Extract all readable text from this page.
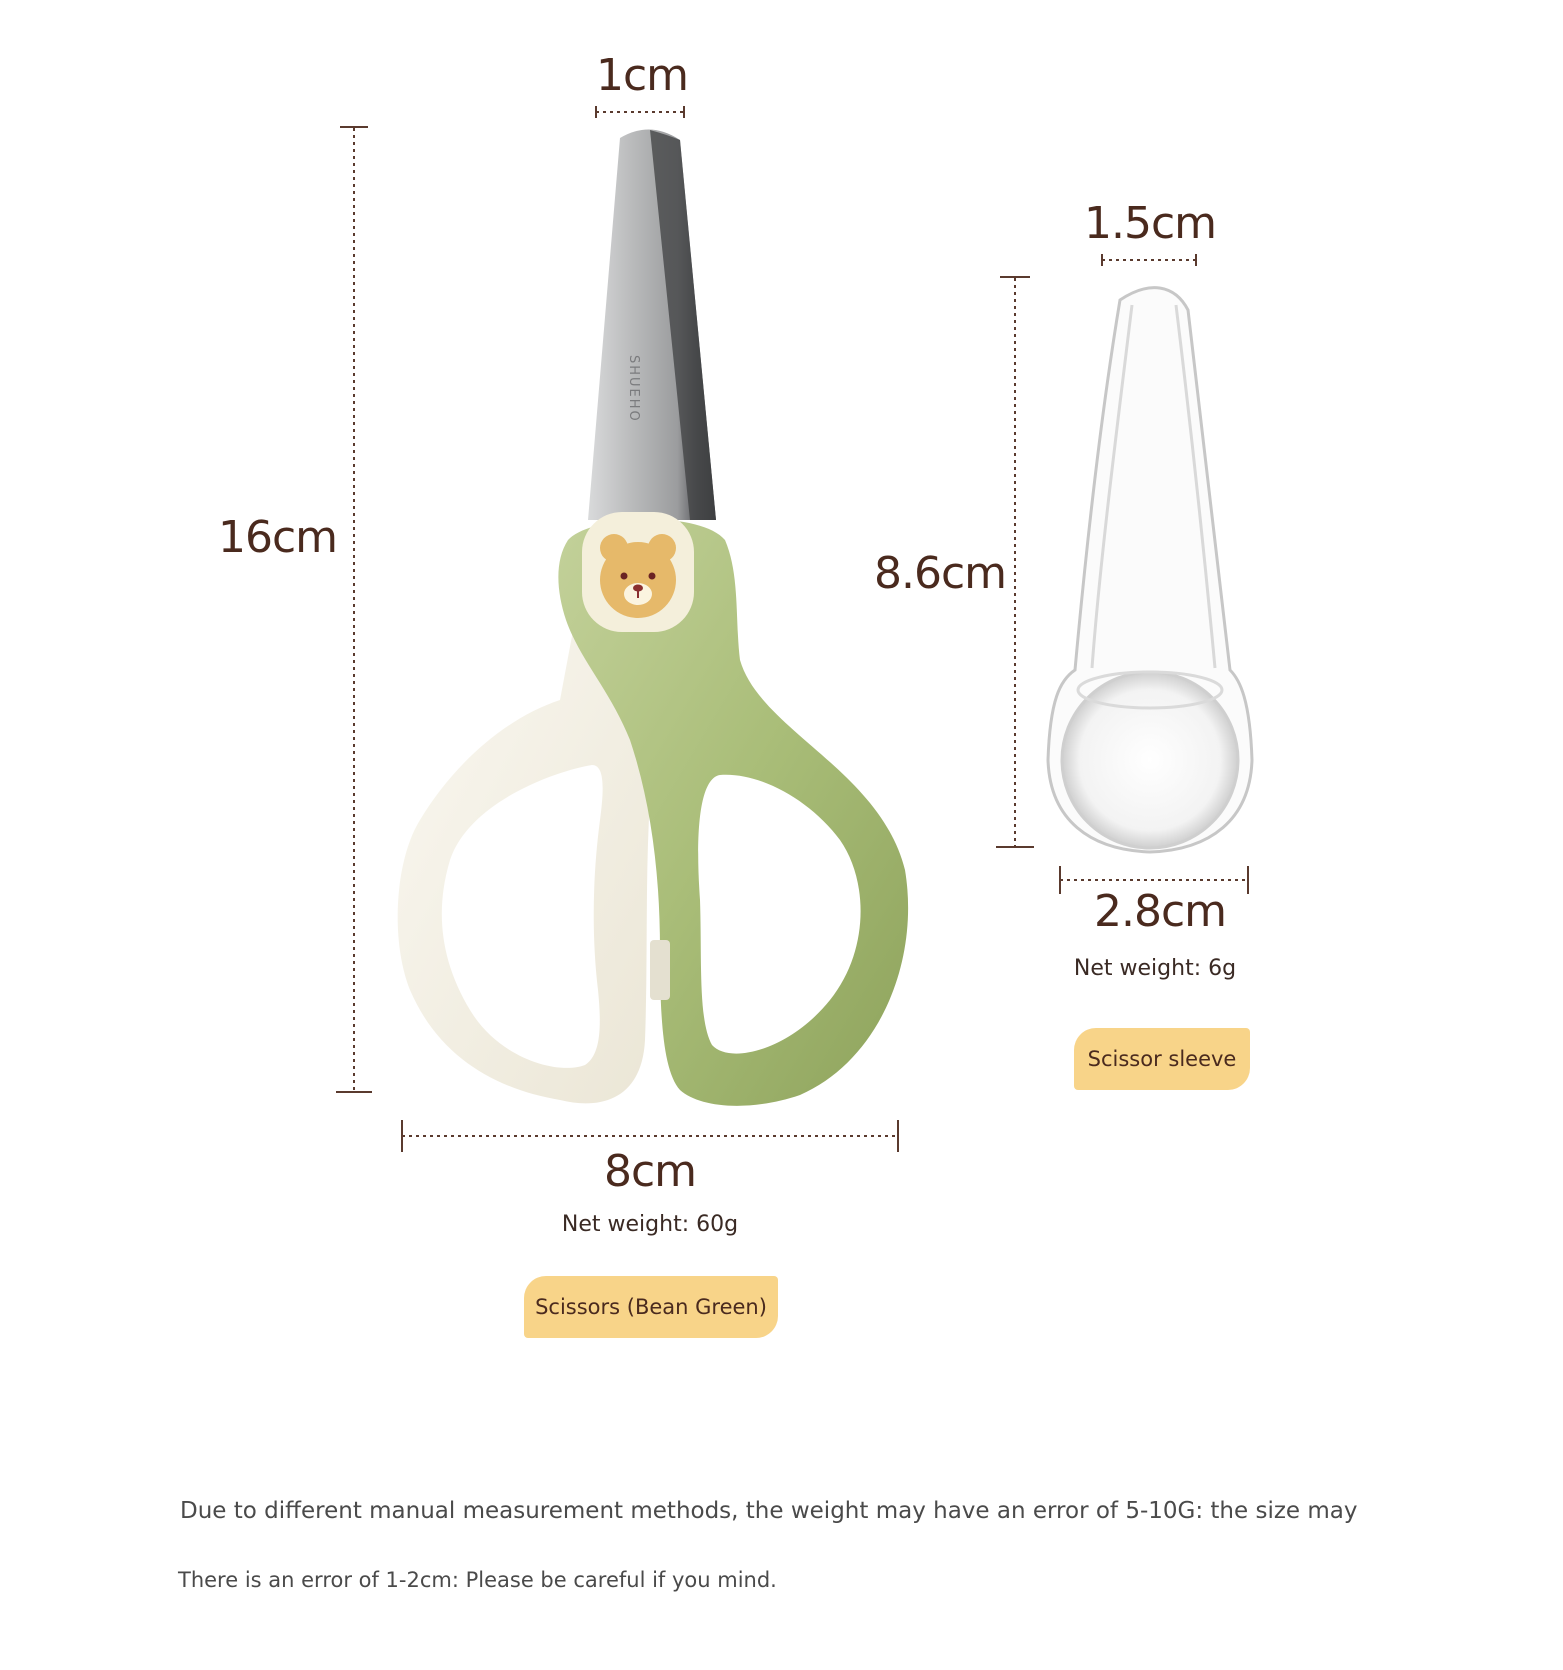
SHUEHO
1cm
16cm
8cm
Net weight: 60g
Scissors (Bean Green)
1.5cm
8.6cm
2.8cm
Net weight: 6g
Scissor sleeve
Due to different manual measurement methods, the weight may have an error of 5-10G: the size may
There is an error of 1-2cm: Please be careful if you mind.
